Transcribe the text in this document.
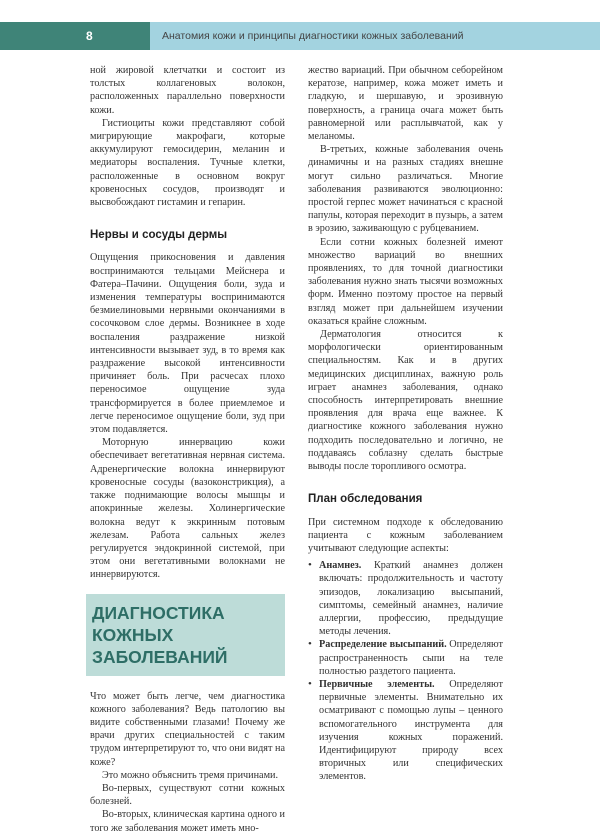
8	Анатомия кожи и принципы диагностики кожных заболеваний

ной жировой клетчатки и состоит из толстых коллагеновых волокон, расположенных параллельно поверхности кожи.

Гистиоциты кожи представляют собой мигрирующие макрофаги, которые аккумулируют гемосидерин, меланин и медиаторы воспаления. Тучные клетки, расположенные в основном вокруг кровеносных сосудов, производят и высвобождают гистамин и гепарин.

Нервы и сосуды дермы

Ощущения прикосновения и давления воспринимаются тельцами Мейснера и Фатера–Пачини. Ощущения боли, зуда и изменения температуры воспринимаются безмиелиновыми нервными окончаниями в сосочковом слое дермы. Возникнее в ходе воспаления раздражение низкой интенсивности вызывает зуд, в то время как раздражение высокой интенсивности причиняет боль. При расчесах плохо переносимое ощущение зуда трансформируется в более приемлемое и легче переносимое ощущение боли, зуд при этом подавляется.

Моторную иннервацию кожи обеспечивает вегетативная нервная система. Адренергические волокна иннервируют кровеносные сосуды (вазоконстрикция), а также поднимающие волосы мышцы и апокринные железы. Холинергические волокна ведут к эккринным потовым железам. Работа сальных желез регулируется эндокринной системой, при этом они вегетативными волокнами не иннервируются.

ДИАГНОСТИКА КОЖНЫХ ЗАБОЛЕВАНИЙ

Что может быть легче, чем диагностика кожного заболевания? Ведь патологию вы видите собственными глазами! Почему же врачи других специальностей с таким трудом интерпретируют то, что они видят на коже?

Это можно объяснить тремя причинами.

Во-первых, существуют сотни кожных болезней.

Во-вторых, клиническая картина одного и того же заболевания может иметь мно-

жество вариаций. При обычном себорейном кератозе, например, кожа может иметь и гладкую, и шершавую, и эрозивную поверхность, а граница очага может быть равномерной или расплывчатой, как у меланомы.

В-третьих, кожные заболевания очень динамичны и на разных стадиях внешне могут сильно различаться. Многие заболевания развиваются эволюционно: простой герпес может начинаться с красной папулы, которая переходит в пузырь, а затем в эрозию, заживающую с рубцеванием.

Если сотни кожных болезней имеют множество вариаций во внешних проявлениях, то для точной диагностики заболевания нужно знать тысячи возможных форм. Именно поэтому простое на первый взгляд может при дальнейшем изучении оказаться крайне сложным.

Дерматология относится к морфологически ориентированным специальностям. Как и в других медицинских дисциплинах, важную роль играет анамнез заболевания, однако способность интерпретировать внешние проявления для врача еще важнее. К диагностике кожного заболевания нужно подходить последовательно и логично, не поддаваясь соблазну сделать быстрые выводы после торопливого осмотра.

План обследования

При системном подходе к обследованию пациента с кожным заболеванием учитывают следующие аспекты:

• Анамнез. Краткий анамнез должен включать: продолжительность и частоту эпизодов, локализацию высыпаний, симптомы, семейный анамнез, наличие аллергии, профессию, предыдущие методы лечения.
• Распределение высыпаний. Определяют распространенность сыпи на теле полностью раздетого пациента.
• Первичные элементы. Определяют первичные элементы. Внимательно их осматривают с помощью лупы – ценного вспомогательного инструмента для изучения кожных поражений. Идентифицируют природу всех вторичных или специфических элементов.
